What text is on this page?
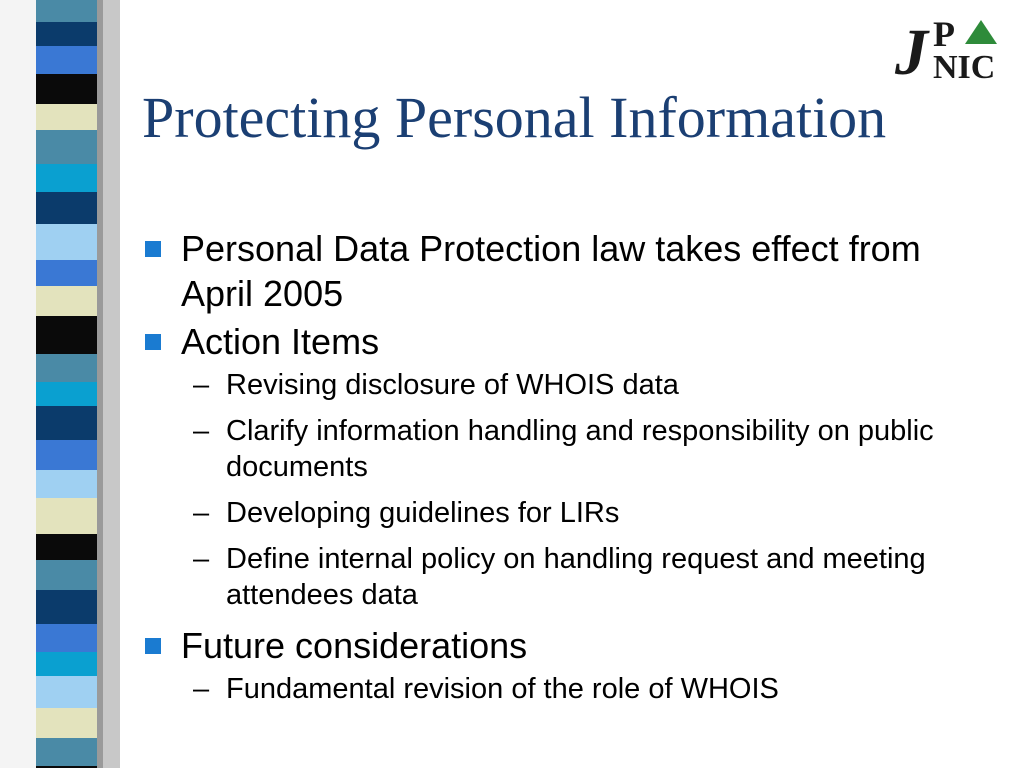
J P
NIC
Protecting Personal Information
Personal Data Protection law takes effect from April 2005
Action Items
– Revising disclosure of WHOIS data
– Clarify information handling and responsibility on public documents
– Developing guidelines for LIRs
– Define internal policy on handling request and meeting attendees data
Future considerations
– Fundamental revision of the role of WHOIS
